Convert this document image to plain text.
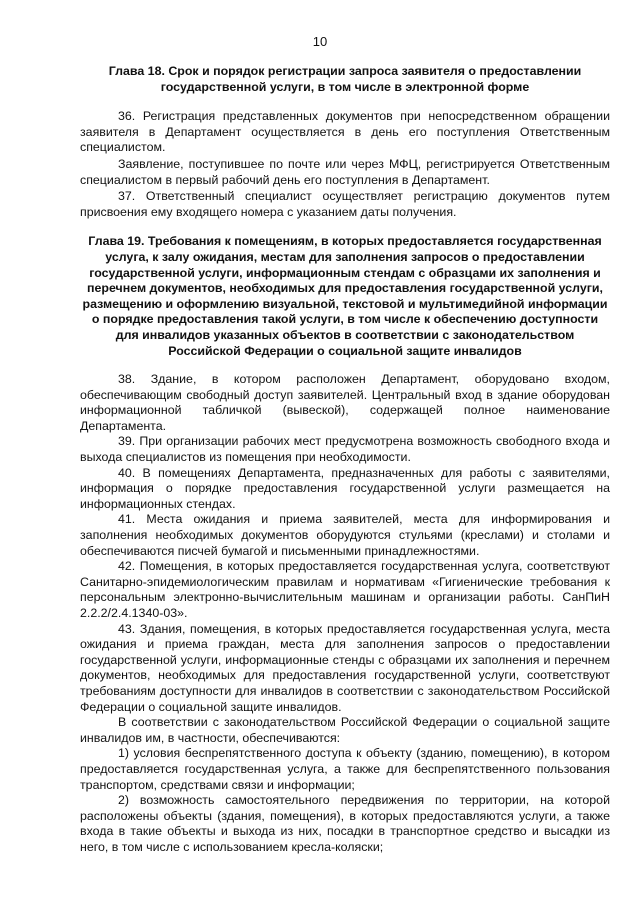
10

Глава 18. Срок и порядок регистрации запроса заявителя о предоставлении государственной услуги, в том числе в электронной форме

36. Регистрация представленных документов при непосредственном обращении заявителя в Департамент осуществляется в день его поступления Ответственным специалистом.

Заявление, поступившее по почте или через МФЦ, регистрируется Ответственным специалистом в первый рабочий день его поступления в Департамент.

37. Ответственный специалист осуществляет регистрацию документов путем присвоения ему входящего номера с указанием даты получения.

Глава 19. Требования к помещениям, в которых предоставляется государственная услуга, к залу ожидания, местам для заполнения запросов о предоставлении государственной услуги, информационным стендам с образцами их заполнения и перечнем документов, необходимых для предоставления государственной услуги, размещению и оформлению визуальной, текстовой и мультимедийной информации о порядке предоставления такой услуги, в том числе к обеспечению доступности для инвалидов указанных объектов в соответствии с законодательством Российской Федерации о социальной защите инвалидов

38. Здание, в котором расположен Департамент, оборудовано входом, обеспечивающим свободный доступ заявителей. Центральный вход в здание оборудован информационной табличкой (вывеской), содержащей полное наименование Департамента.

39. При организации рабочих мест предусмотрена возможность свободного входа и выхода специалистов из помещения при необходимости.

40. В помещениях Департамента, предназначенных для работы с заявителями, информация о порядке предоставления государственной услуги размещается на информационных стендах.

41. Места ожидания и приема заявителей, места для информирования и заполнения необходимых документов оборудуются стульями (креслами) и столами и обеспечиваются писчей бумагой и письменными принадлежностями.

42. Помещения, в которых предоставляется государственная услуга, соответствуют Санитарно-эпидемиологическим правилам и нормативам «Гигиенические требования к персональным электронно-вычислительным машинам и организации работы. СанПиН 2.2.2/2.4.1340-03».

43. Здания, помещения, в которых предоставляется государственная услуга, места ожидания и приема граждан, места для заполнения запросов о предоставлении государственной услуги, информационные стенды с образцами их заполнения и перечнем документов, необходимых для предоставления государственной услуги, соответствуют требованиям доступности для инвалидов в соответствии с законодательством Российской Федерации о социальной защите инвалидов.

В соответствии с законодательством Российской Федерации о социальной защите инвалидов им, в частности, обеспечиваются:

1) условия беспрепятственного доступа к объекту (зданию, помещению), в котором предоставляется государственная услуга, а также для беспрепятственного пользования транспортом, средствами связи и информации;

2) возможность самостоятельного передвижения по территории, на которой расположены объекты (здания, помещения), в которых предоставляются услуги, а также входа в такие объекты и выхода из них, посадки в транспортное средство и высадки из него, в том числе с использованием кресла-коляски;
